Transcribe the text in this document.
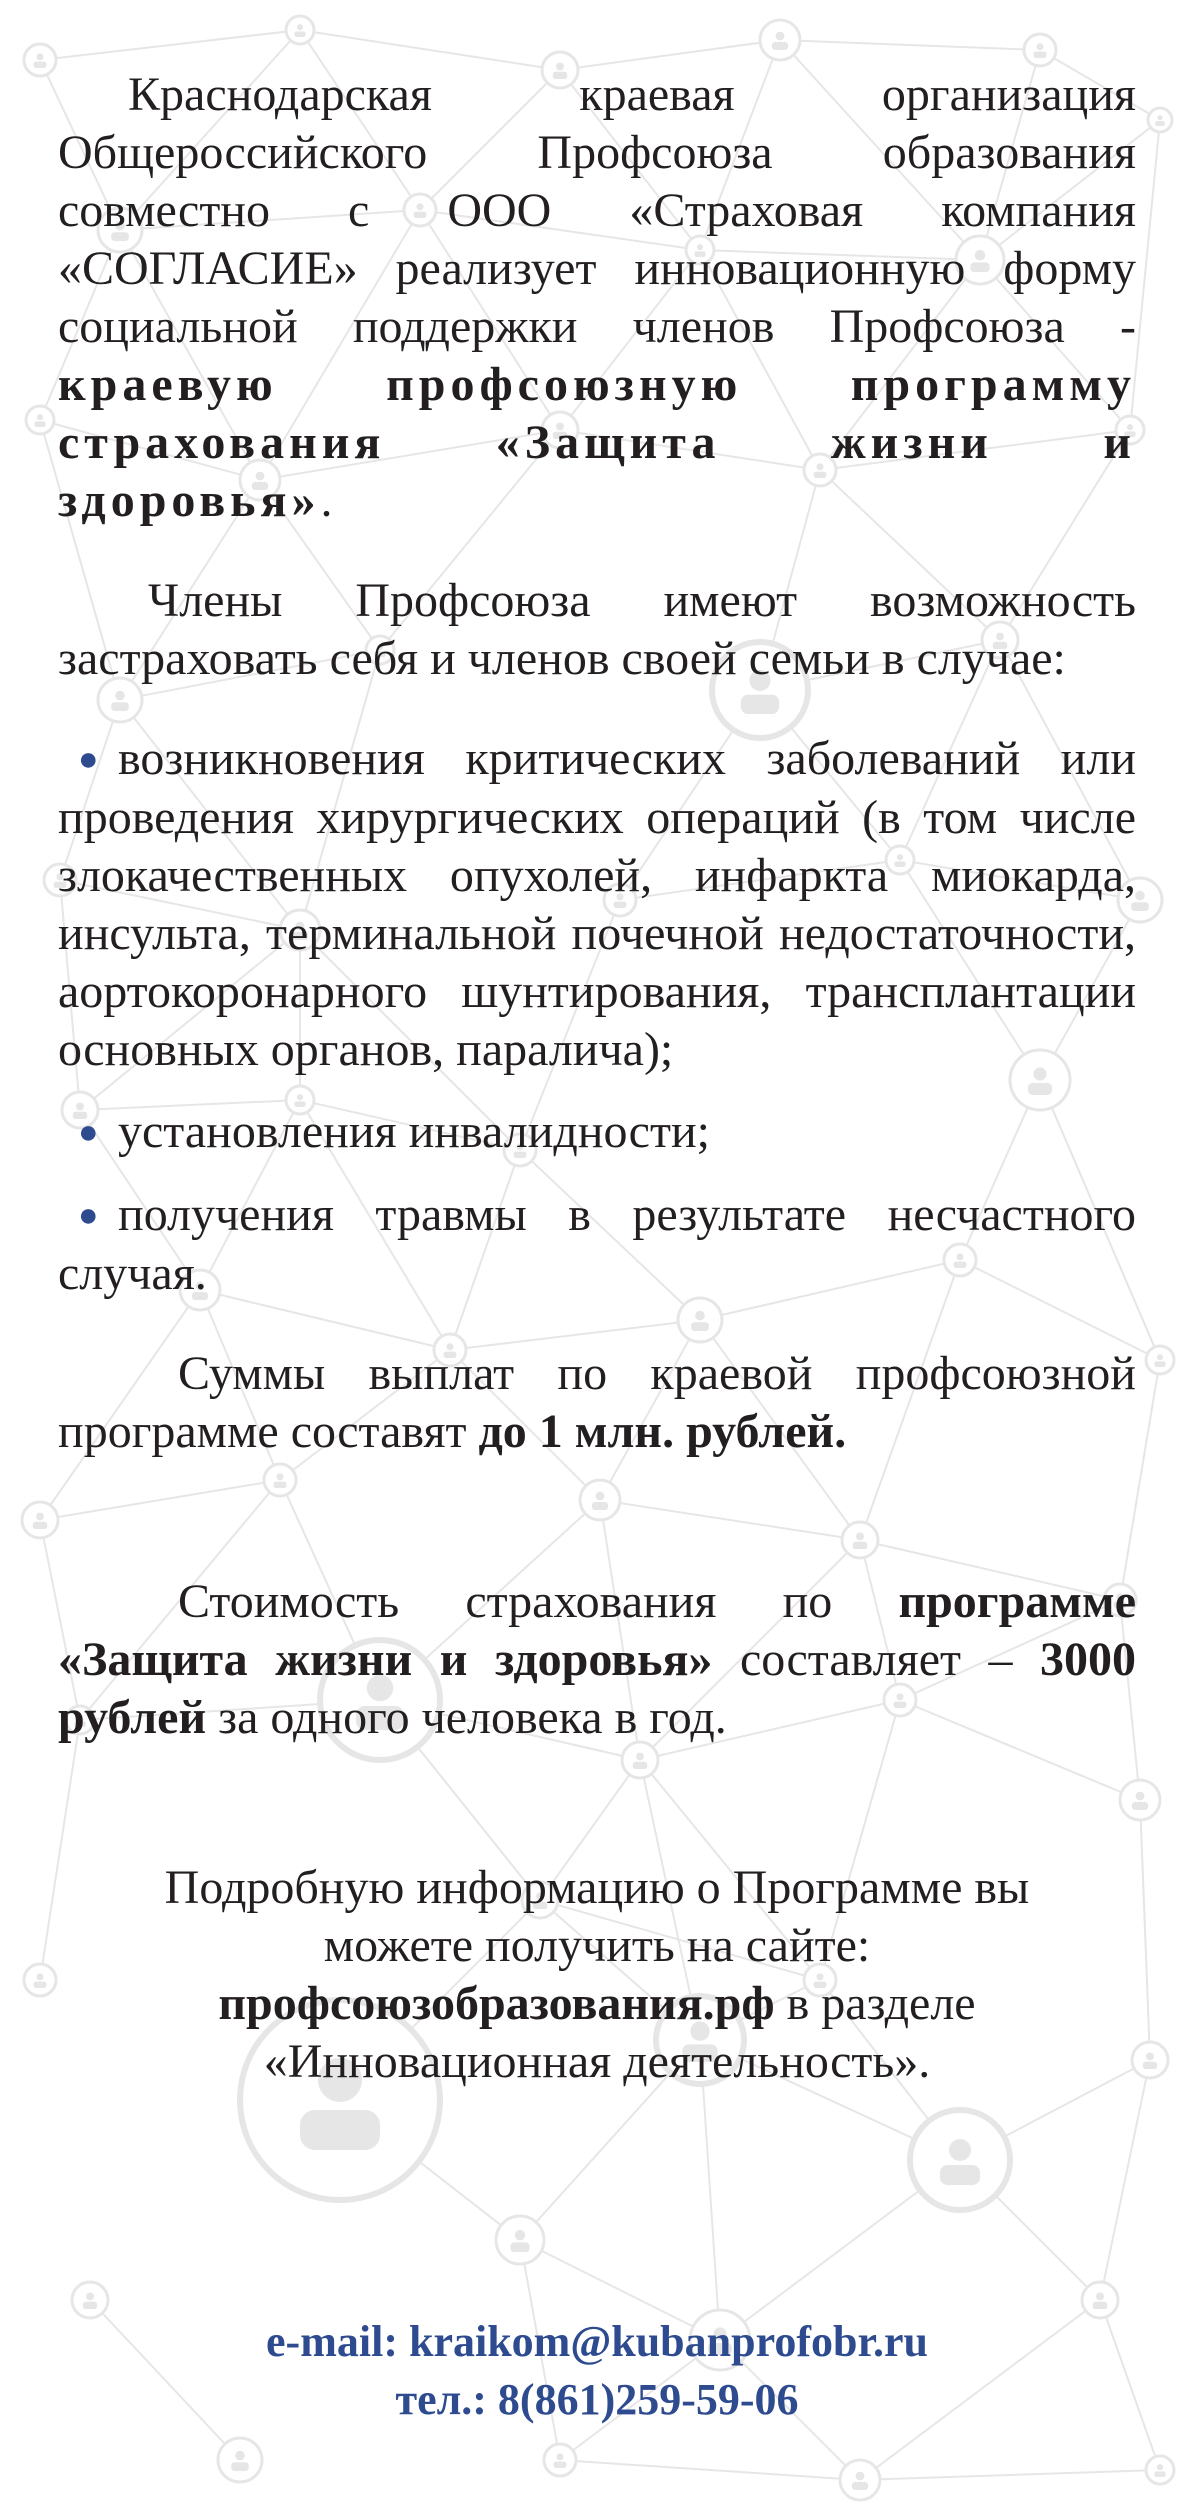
Краснодарская краевая организация Общероссийского Профсоюза образования совместно с ООО «Страховая компания «СОГЛАСИЕ» реализует инновационную форму социальной поддержки членов Профсоюза - краевую профсоюзную программу страхования «Защита жизни и здоровья».

Члены Профсоюза имеют возможность застраховать себя и членов своей семьи в случае:

● возникновения критических заболеваний или проведения хирургических операций (в том числе злокачественных опухолей, инфаркта миокарда, инсульта, терминальной почечной недостаточности, аортокоронарного шунтирования, трансплантации основных органов, паралича);
● установления инвалидности;
● получения травмы в результате несчастного случая.

Суммы выплат по краевой профсоюзной программе составят до 1 млн. рублей.

Стоимость страхования по программе «Защита жизни и здоровья» составляет – 3000 рублей за одного человека в год.

Подробную информацию о Программе вы
можете получить на сайте:
профсоюзобразования.рф в разделе
«Инновационная деятельность».

e-mail: kraikom@kubanprofobr.ru
тел.: 8(861)259-59-06
